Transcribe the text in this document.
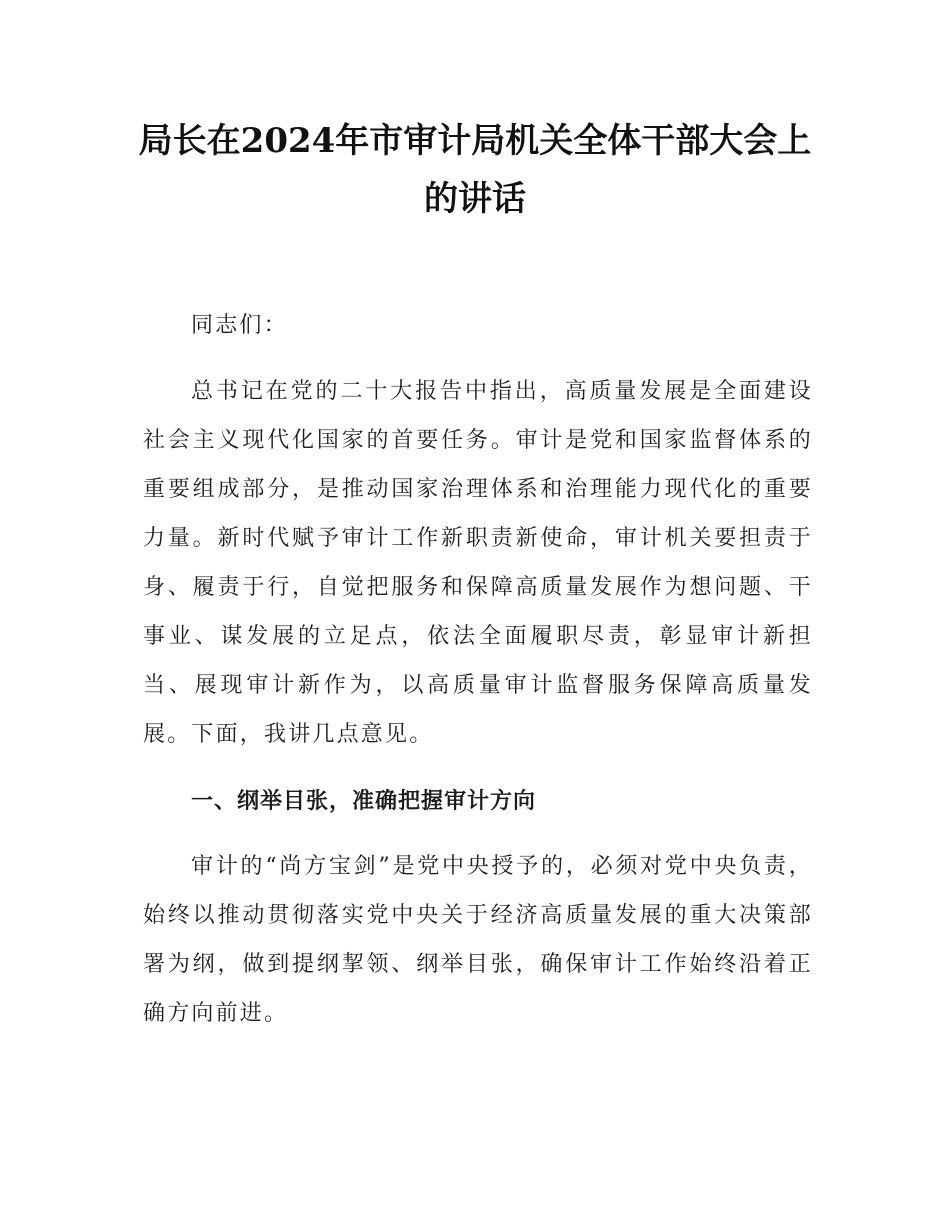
局长在2024年市审计局机关全体干部大会上的讲话

同志们：

总书记在党的二十大报告中指出，高质量发展是全面建设社会主义现代化国家的首要任务。审计是党和国家监督体系的重要组成部分，是推动国家治理体系和治理能力现代化的重要力量。新时代赋予审计工作新职责新使命，审计机关要担责于身、履责于行，自觉把服务和保障高质量发展作为想问题、干事业、谋发展的立足点，依法全面履职尽责，彰显审计新担当、展现审计新作为，以高质量审计监督服务保障高质量发展。下面，我讲几点意见。

一、纲举目张，准确把握审计方向

审计的“尚方宝剑”是党中央授予的，必须对党中央负责，始终以推动贯彻落实党中央关于经济高质量发展的重大决策部署为纲，做到提纲挈领、纲举目张，确保审计工作始终沿着正确方向前进。
